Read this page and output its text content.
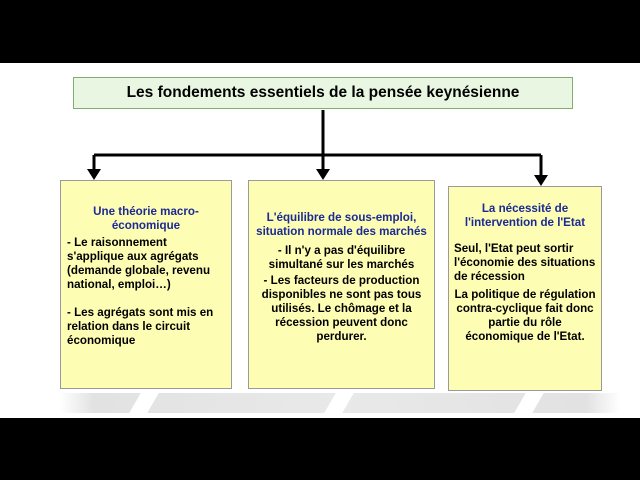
Les fondements essentiels de la pensée keynésienne

Une théorie macro-économique

- Le raisonnement s'applique aux agrégats (demande globale, revenu national, emploi…)

- Les agrégats sont mis en relation dans le circuit économique

L'équilibre de sous-emploi, situation normale des marchés

- Il n'y a pas d'équilibre simultané sur les marchés

- Les facteurs de production disponibles ne sont pas tous utilisés. Le chômage et la récession peuvent donc perdurer.

La nécessité de l'intervention de l'Etat

Seul, l'Etat peut sortir l'économie des situations de récession

La politique de régulation contra-cyclique fait donc partie du rôle économique de l'Etat.
